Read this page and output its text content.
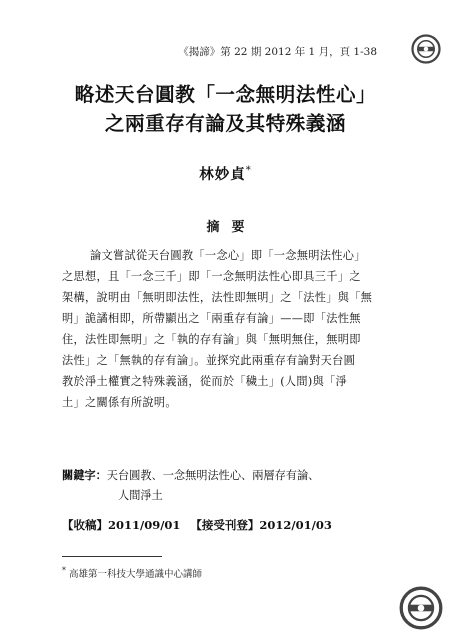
《揭諦》第 22 期 2012 年 1 月，頁 1-38
略述天台圓教「一念無明法性心」
之兩重存有論及其特殊義涵
林妙貞*
摘要
論文嘗試從天台圓教「一念心」即「一念無明法性心」
之思想，且「一念三千」即「一念無明法性心即具三千」之
架構，說明由「無明即法性，法性即無明」之「法性」與「無
明」詭譎相即，所帶顯出之「兩重存有論」——即「法性無
住，法性即無明」之「執的存有論」與「無明無住，無明即
法性」之「無執的存有論」。並探究此兩重存有論對天台圓
教於淨土權實之特殊義涵，從而於「穢土」(人間)與「淨
土」之關係有所說明。
關鍵字：天台圓教、一念無明法性心、兩層存有論、
人間淨土
【收稿】2011/09/01 【接受刊登】2012/01/03
* 高雄第一科技大學通識中心講師
